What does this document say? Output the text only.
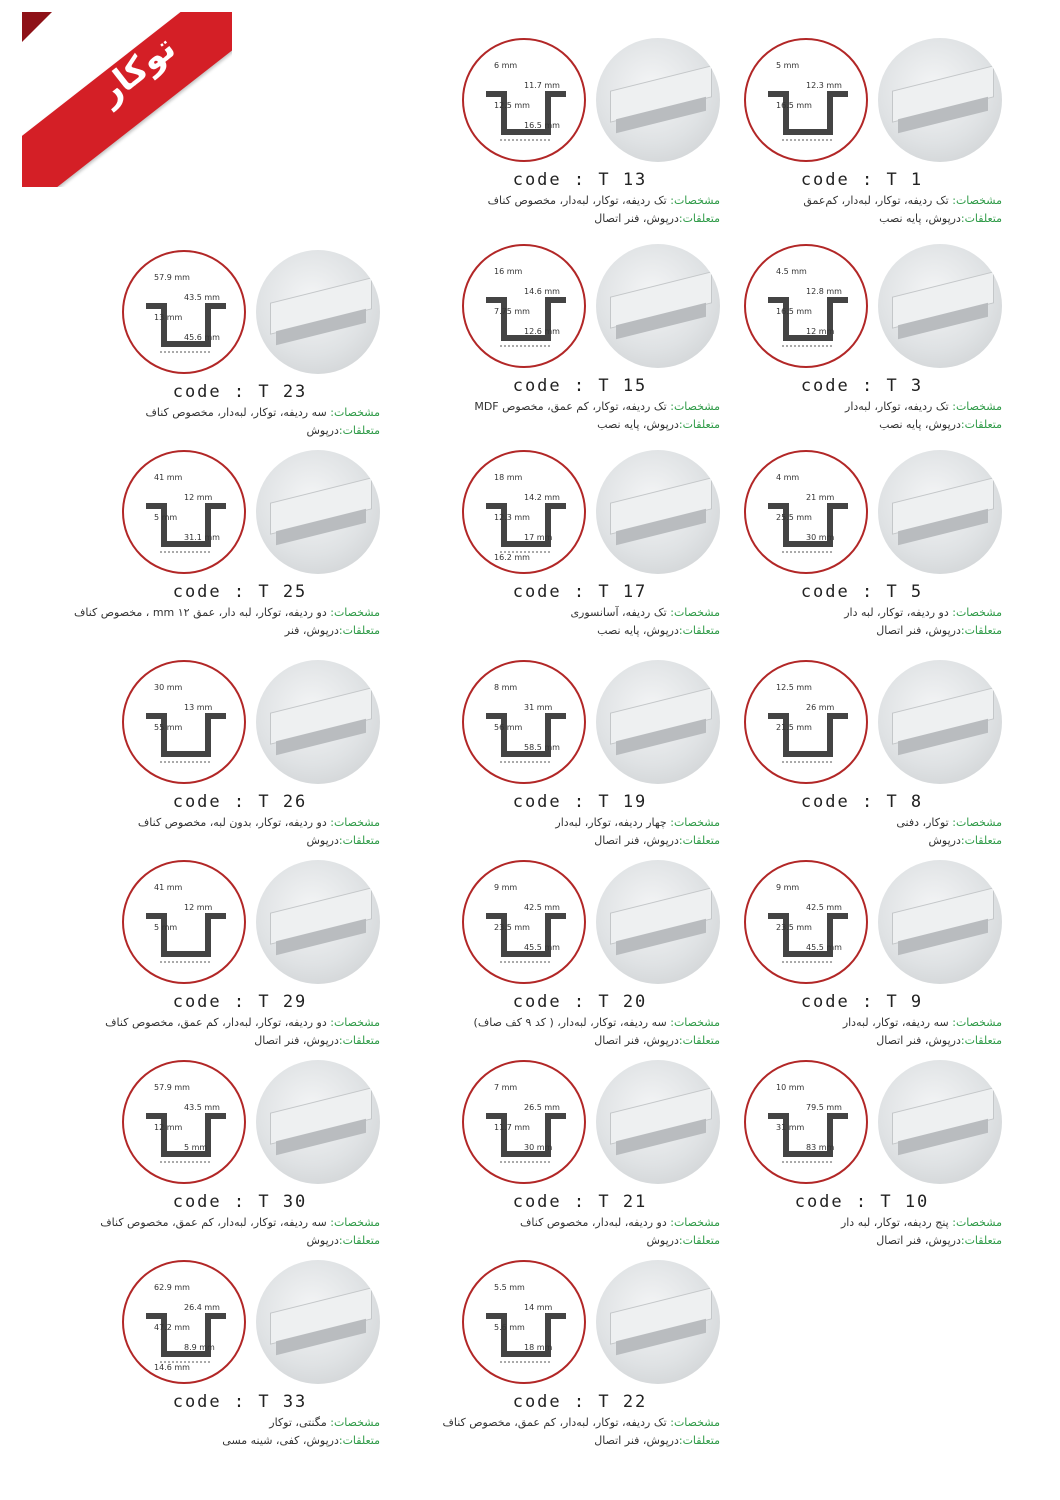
توکار	5 mm
12.3 mm
16.5 mm
code : T 1
مشخصات: تک ردیفه، توکار، لبه‌دار، کم‌عمق
متعلقات:درپوش، پایه نصب
6 mm
11.7 mm
12.5 mm
16.5 mm
code : T 13
مشخصات: تک ردیفه، توکار، لبه‌دار، مخصوص کناف
متعلقات:درپوش، فنر اتصال
4.5 mm
12.8 mm
16.5 mm
12 mm
code : T 3
مشخصات: تک ردیفه، توکار، لبه‌دار
متعلقات:درپوش، پایه نصب
16 mm
14.6 mm
7.75 mm
12.6 mm
code : T 15
مشخصات: تک ردیفه، توکار، کم عمق، مخصوص MDF
متعلقات:درپوش، پایه نصب
57.9 mm
43.5 mm
13 mm
45.6 mm
code : T 23
مشخصات: سه ردیفه، توکار، لبه‌دار، مخصوص کناف
متعلقات:درپوش
4 mm
21 mm
25.5 mm
30 mm
code : T 5
مشخصات: دو ردیفه، توکار، لبه دار
متعلقات:درپوش، فنر اتصال
18 mm
14.2 mm
12.3 mm
17 mm
16.2 mm
code : T 17
مشخصات: تک ردیفه، آسانسوری
متعلقات:درپوش، پایه نصب
41 mm
12 mm
5 mm
31.1 mm
code : T 25
مشخصات: دو ردیفه، توکار، لبه دار، عمق ۱۲ mm ، مخصوص کناف
متعلقات:درپوش، فنر
12.5 mm
26 mm
21.5 mm
code : T 8
مشخصات: توکار، دفنی
متعلقات:درپوش
8 mm
31 mm
56 mm
58.5 mm
code : T 19
مشخصات: چهار ردیفه، توکار، لبه‌دار
متعلقات:درپوش، فنر اتصال
30 mm
13 mm
55 mm
code : T 26
مشخصات: دو ردیفه، توکار، بدون لبه، مخصوص کناف
متعلقات:درپوش
9 mm
42.5 mm
23.5 mm
45.5 mm
code : T 9
مشخصات: سه ردیفه، توکار، لبه‌دار
متعلقات:درپوش، فنر اتصال
9 mm
42.5 mm
23.5 mm
45.5 mm
code : T 20
مشخصات: سه ردیفه، توکار، لبه‌دار، ( کد ۹ کف صاف)
متعلقات:درپوش، فنر اتصال
41 mm
12 mm
5 mm
code : T 29
مشخصات: دو ردیفه، توکار، لبه‌دار، کم عمق، مخصوص کناف
متعلقات:درپوش، فنر اتصال
10 mm
79.5 mm
31 mm
83 mm
code : T 10
مشخصات: پنج ردیفه، توکار، لبه دار
متعلقات:درپوش، فنر اتصال
7 mm
26.5 mm
11.7 mm
30 mm
code : T 21
مشخصات: دو ردیفه، لبه‌دار، مخصوص کناف
متعلقات:درپوش
57.9 mm
43.5 mm
12 mm
5 mm
code : T 30
مشخصات: سه ردیفه، توکار، لبه‌دار، کم عمق، مخصوص کناف
متعلقات:درپوش
5.5 mm
14 mm
5.6 mm
18 mm
code : T 22
مشخصات: تک ردیفه، توکار، لبه‌دار، کم عمق، مخصوص کناف
متعلقات:درپوش، فنر اتصال
62.9 mm
26.4 mm
47.2 mm
8.9 mm
14.6 mm
code : T 33
مشخصات: مگنتی، توکار
متعلقات:درپوش، کفی، شینه مسی
